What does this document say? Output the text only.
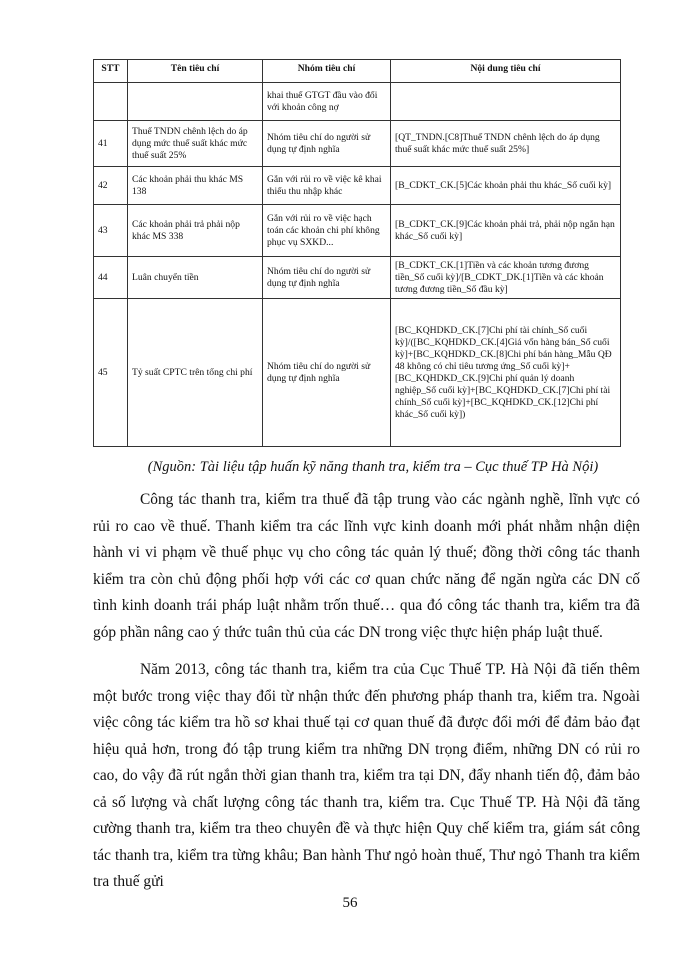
STT	Tên tiêu chí	Nhóm tiêu chí	Nội dung tiêu chí
		khai thuế GTGT đầu vào đối với khoản công nợ	
41	Thuế TNDN chênh lệch do áp dụng mức thuế suất khác mức thuế suất 25%	Nhóm tiêu chí do người sử dụng tự định nghĩa	[QT_TNDN.[C8]Thuế TNDN chênh lệch do áp dụng thuế suất khác mức thuế suất 25%]
42	Các khoản phải thu khác MS 138	Gắn với rủi ro về việc kê khai thiếu thu nhập khác	[B_CDKT_CK.[5]Các khoản phải thu khác_Số cuối kỳ]
43	Các khoản phải trả phải nộp khác MS 338	Gắn với rủi ro về việc hạch toán các khoản chi phí không phục vụ SXKD...	[B_CDKT_CK.[9]Các khoản phải trả, phải nộp ngắn hạn khác_Số cuối kỳ]
44	Luân chuyển tiền	Nhóm tiêu chí do người sử dụng tự định nghĩa	[B_CDKT_CK.[1]Tiền và các khoản tương đương tiền_Số cuối kỳ]/[B_CDKT_DK.[1]Tiền và các khoản tương đương tiền_Số đầu kỳ]
45	Tỷ suất CPTC trên tổng chi phí	Nhóm tiêu chí do người sử dụng tự định nghĩa	[BC_KQHDKD_CK.[7]Chi phí tài chính_Số cuối kỳ]/([BC_KQHDKD_CK.[4]Giá vốn hàng bán_Số cuối kỳ]+[BC_KQHDKD_CK.[8]Chi phí bán hàng_Mẫu QĐ 48 không có chỉ tiêu tương ứng_Số cuối kỳ]+[BC_KQHDKD_CK.[9]Chi phí quản lý doanh nghiệp_Số cuối kỳ]+[BC_KQHDKD_CK.[7]Chi phí tài chính_Số cuối kỳ]+[BC_KQHDKD_CK.[12]Chi phí khác_Số cuối kỳ])
(Nguồn: Tài liệu tập huấn kỹ năng thanh tra, kiểm tra – Cục thuế TP Hà Nội)

Công tác thanh tra, kiểm tra thuế đã tập trung vào các ngành nghề, lĩnh vực có rủi ro cao về thuế. Thanh kiểm tra các lĩnh vực kinh doanh mới phát nhằm nhận diện hành vi vi phạm về thuế phục vụ cho công tác quản lý thuế; đồng thời công tác thanh kiểm tra còn chủ động phối hợp với các cơ quan chức năng để ngăn ngừa các DN cố tình kinh doanh trái pháp luật nhằm trốn thuế… qua đó công tác thanh tra, kiểm tra đã góp phần nâng cao ý thức tuân thủ của các DN trong việc thực hiện pháp luật thuế.

Năm 2013, công tác thanh tra, kiểm tra của Cục Thuế TP. Hà Nội đã tiến thêm một bước trong việc thay đổi từ nhận thức đến phương pháp thanh tra, kiểm tra. Ngoài việc công tác kiểm tra hồ sơ khai thuế tại cơ quan thuế đã được đổi mới để đảm bảo đạt hiệu quả hơn, trong đó tập trung kiểm tra những DN trọng điểm, những DN có rủi ro cao, do vậy đã rút ngắn thời gian thanh tra, kiểm tra tại DN, đẩy nhanh tiến độ, đảm bảo cả số lượng và chất lượng công tác thanh tra, kiểm tra. Cục Thuế TP. Hà Nội đã tăng cường thanh tra, kiểm tra theo chuyên đề và thực hiện Quy chế kiểm tra, giám sát công tác thanh tra, kiểm tra từng khâu; Ban hành Thư ngỏ hoàn thuế, Thư ngỏ Thanh tra kiểm tra thuế gửi

56
